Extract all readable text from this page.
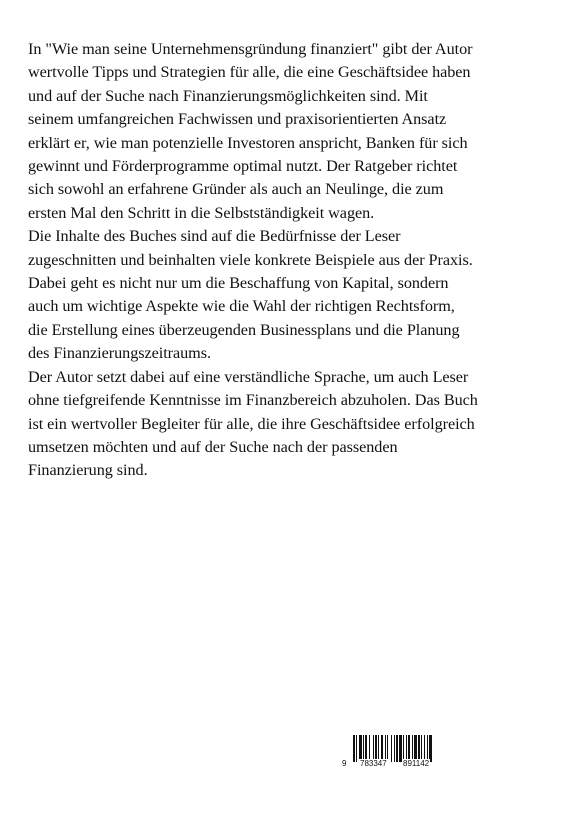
In "Wie man seine Unternehmensgründung finanziert" gibt der Autor
wertvolle Tipps und Strategien für alle, die eine Geschäftsidee haben
und auf der Suche nach Finanzierungsmöglichkeiten sind. Mit
seinem umfangreichen Fachwissen und praxisorientierten Ansatz
erklärt er, wie man potenzielle Investoren anspricht, Banken für sich
gewinnt und Förderprogramme optimal nutzt. Der Ratgeber richtet
sich sowohl an erfahrene Gründer als auch an Neulinge, die zum
ersten Mal den Schritt in die Selbstständigkeit wagen.
Die Inhalte des Buches sind auf die Bedürfnisse der Leser
zugeschnitten und beinhalten viele konkrete Beispiele aus der Praxis.
Dabei geht es nicht nur um die Beschaffung von Kapital, sondern
auch um wichtige Aspekte wie die Wahl der richtigen Rechtsform,
die Erstellung eines überzeugenden Businessplans und die Planung
des Finanzierungszeitraums.
Der Autor setzt dabei auf eine verständliche Sprache, um auch Leser
ohne tiefgreifende Kenntnisse im Finanzbereich abzuholen. Das Buch
ist ein wertvoller Begleiter für alle, die ihre Geschäftsidee erfolgreich
umsetzen möchten und auf der Suche nach der passenden
Finanzierung sind.
9 783347 891142
